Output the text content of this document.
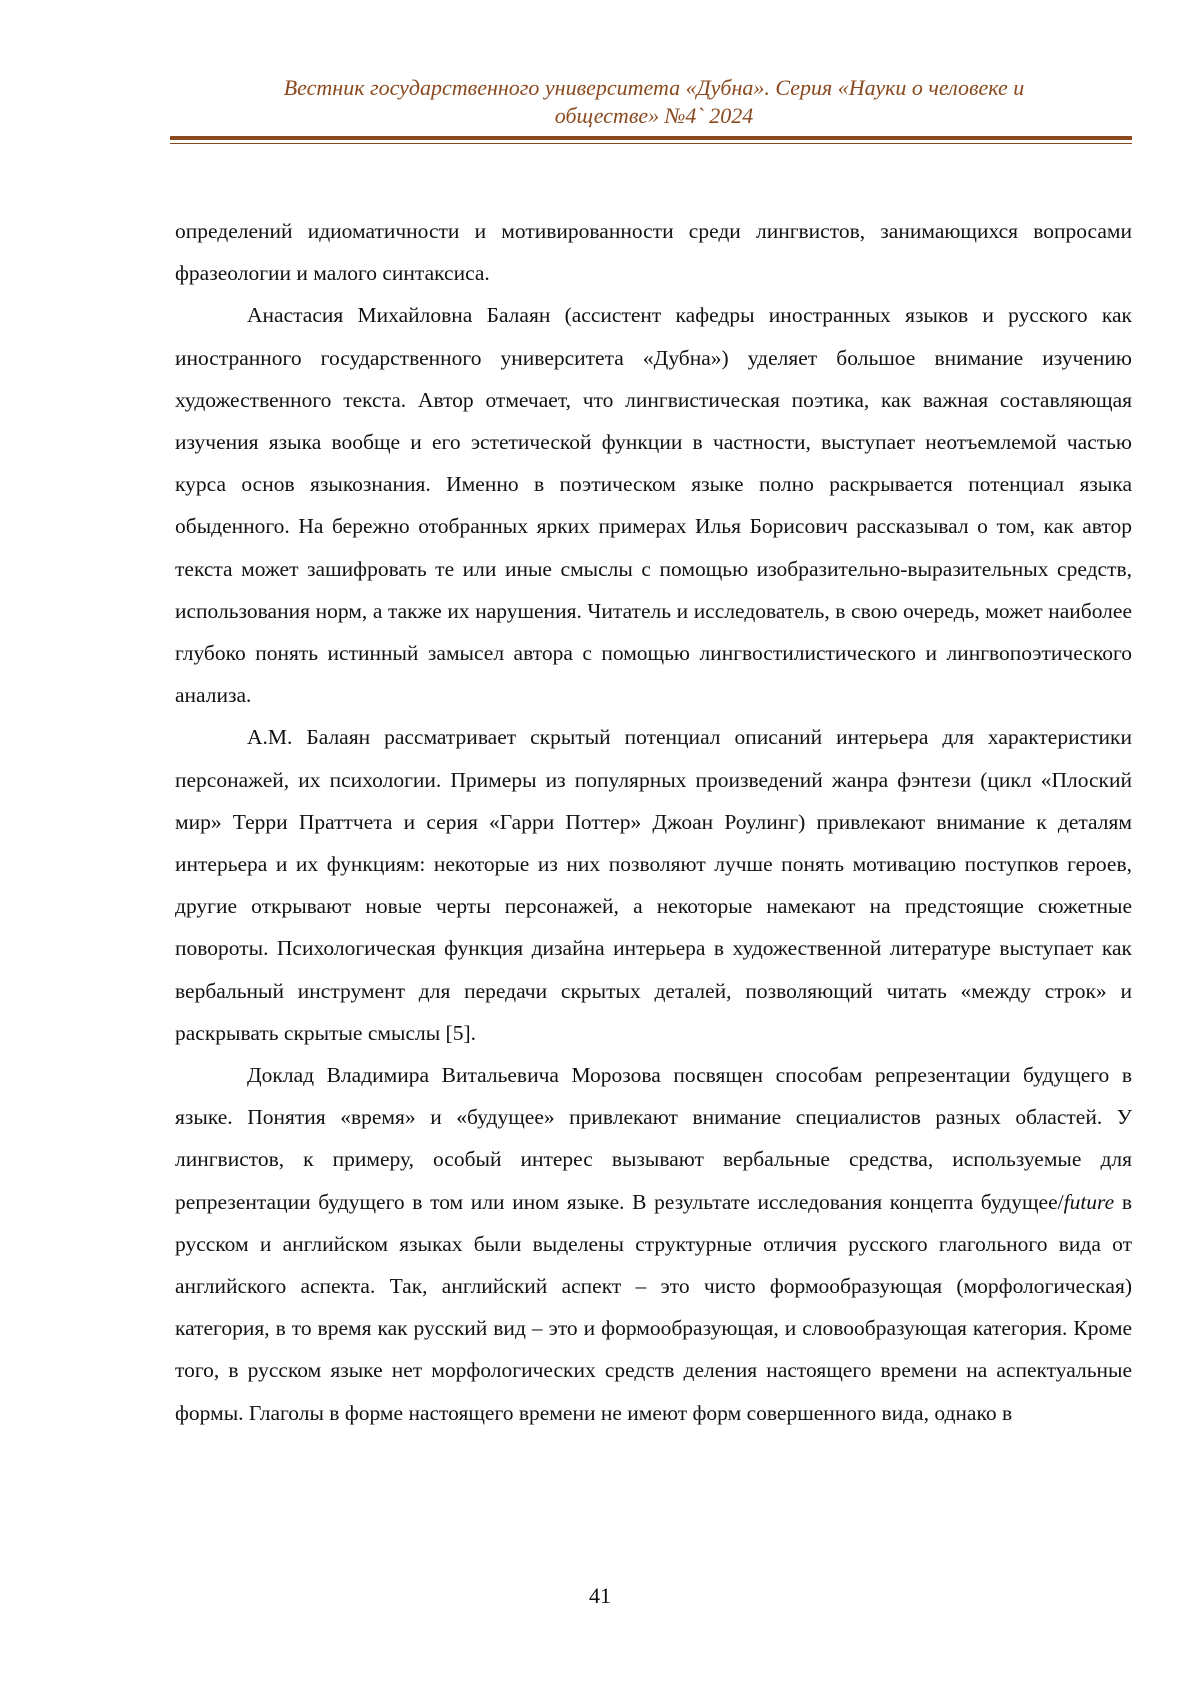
Вестник государственного университета «Дубна». Серия «Науки о человеке и
обществе» №4` 2024

определений идиоматичности и мотивированности среди лингвистов, занимающихся вопросами фразеологии и малого синтаксиса.

Анастасия Михайловна Балаян (ассистент кафедры иностранных языков и русского как иностранного государственного университета «Дубна») уделяет большое внимание изучению художественного текста. Автор отмечает, что лингвистическая поэтика, как важная составляющая изучения языка вообще и его эстетической функции в частности, выступает неотъемлемой частью курса основ языкознания. Именно в поэтическом языке полно раскрывается потенциал языка обыденного. На бережно отобранных ярких примерах Илья Борисович рассказывал о том, как автор текста может зашифровать те или иные смыслы с помощью изобразительно-выразительных средств, использования норм, а также их нарушения. Читатель и исследователь, в свою очередь, может наиболее глубоко понять истинный замысел автора с помощью лингвостилистического и лингвопоэтического анализа.

А.М. Балаян рассматривает скрытый потенциал описаний интерьера для характеристики персонажей, их психологии. Примеры из популярных произведений жанра фэнтези (цикл «Плоский мир» Терри Праттчета и серия «Гарри Поттер» Джоан Роулинг) привлекают внимание к деталям интерьера и их функциям: некоторые из них позволяют лучше понять мотивацию поступков героев, другие открывают новые черты персонажей, а некоторые намекают на предстоящие сюжетные повороты. Психологическая функция дизайна интерьера в художественной литературе выступает как вербальный инструмент для передачи скрытых деталей, позволяющий читать «между строк» и раскрывать скрытые смыслы [5].

Доклад Владимира Витальевича Морозова посвящен способам репрезентации будущего в языке. Понятия «время» и «будущее» привлекают внимание специалистов разных областей. У лингвистов, к примеру, особый интерес вызывают вербальные средства, используемые для репрезентации будущего в том или ином языке. В результате исследования концепта будущее/future в русском и английском языках были выделены структурные отличия русского глагольного вида от английского аспекта. Так, английский аспект – это чисто формообразующая (морфологическая) категория, в то время как русский вид – это и формообразующая, и словообразующая категория. Кроме того, в русском языке нет морфологических средств деления настоящего времени на аспектуальные формы. Глаголы в форме настоящего времени не имеют форм совершенного вида, однако в

41
